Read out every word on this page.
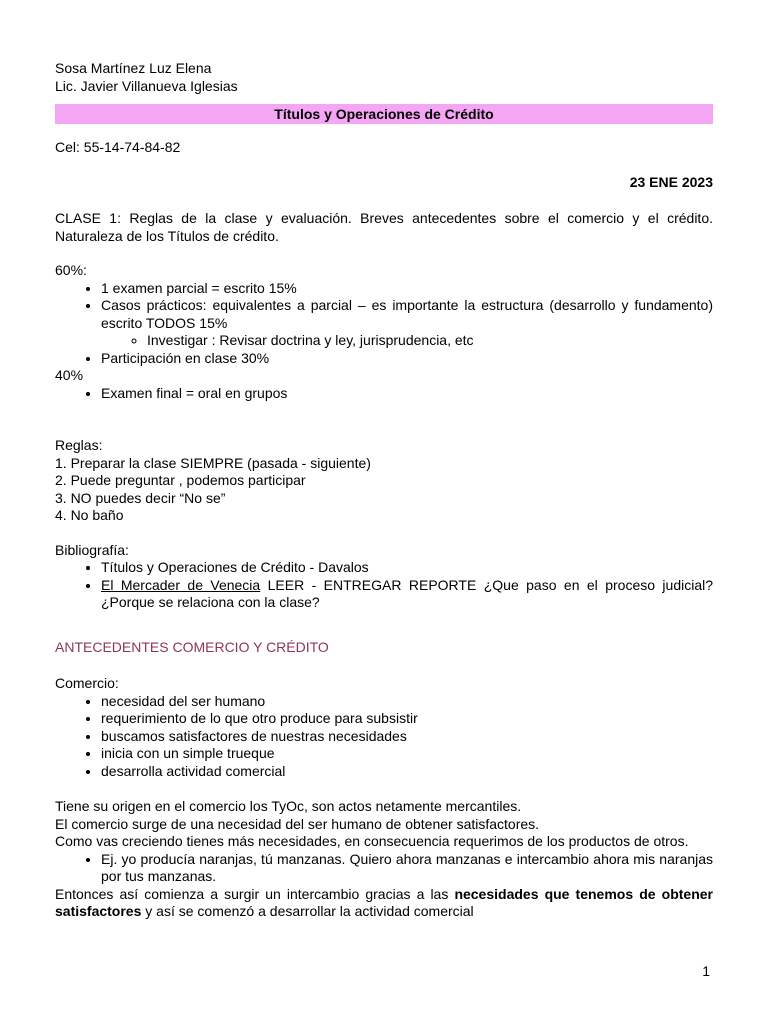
Sosa Martínez Luz Elena

Lic. Javier Villanueva Iglesias

Títulos y Operaciones de Crédito

Cel: 55-14-74-84-82

23 ENE 2023

CLASE 1: Reglas de la clase y evaluación. Breves antecedentes sobre el comercio y el crédito. Naturaleza de los Títulos de crédito.

60%:

• 1 examen parcial = escrito 15%
• Casos prácticos: equivalentes a parcial – es importante la estructura (desarrollo y fundamento) escrito TODOS 15%
◦ Investigar : Revisar doctrina y ley, jurisprudencia, etc
• Participación en clase 30%

40%

• Examen final = oral en grupos

Reglas:

1. Preparar la clase SIEMPRE (pasada - siguiente)

2. Puede preguntar , podemos participar

3. NO puedes decir “No se”

4. No baño

Bibliografía:

• Títulos y Operaciones de Crédito - Davalos
• El Mercader de Venecia LEER - ENTREGAR REPORTE ¿Que paso en el proceso judicial? ¿Porque se relaciona con la clase?

ANTECEDENTES COMERCIO Y CRÉDITO

Comercio:

• necesidad del ser humano
• requerimiento de lo que otro produce para subsistir
• buscamos satisfactores de nuestras necesidades
• inicia con un simple trueque
• desarrolla actividad comercial

Tiene su origen en el comercio los TyOc, son actos netamente mercantiles.

El comercio surge de una necesidad del ser humano de obtener satisfactores.

Como vas creciendo tienes más necesidades, en consecuencia requerimos de los productos de otros.

• Ej. yo producía naranjas, tú manzanas. Quiero ahora manzanas e intercambio ahora mis naranjas por tus manzanas.

Entonces así comienza a surgir un intercambio gracias a las necesidades que tenemos de obtener satisfactores y así se comenzó a desarrollar la actividad comercial

1
